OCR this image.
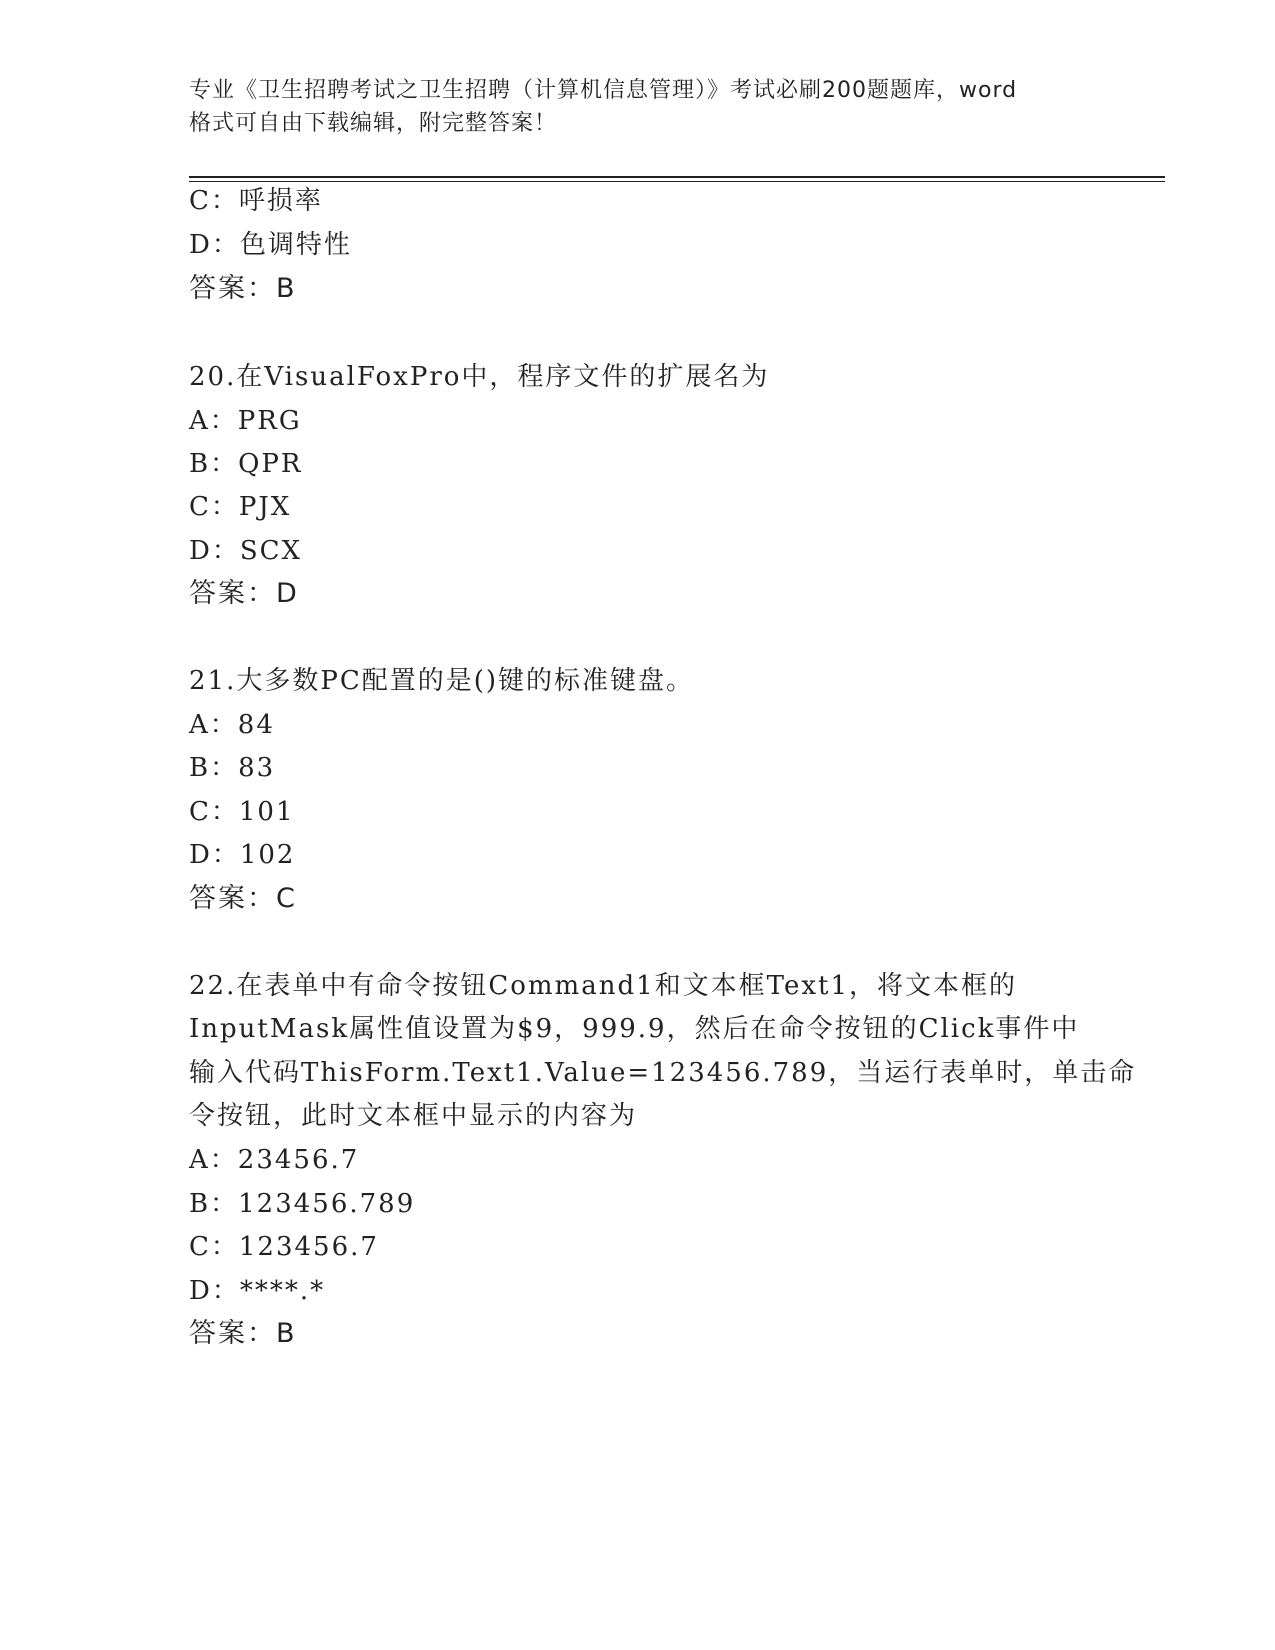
专业《卫生招聘考试之卫生招聘（计算机信息管理）》考试必刷200题题库，word
格式可自由下载编辑，附完整答案！
C：呼损率
D：色调特性
答案：B
20.在VisualFoxPro中，程序文件的扩展名为
A：PRG
B：QPR
C：PJX
D：SCX
答案：D
21.大多数PC配置的是()键的标准键盘。
A：84
B：83
C：101
D：102
答案：C
22.在表单中有命令按钮Command1和文本框Text1，将文本框的
InputMask属性值设置为$9，999.9，然后在命令按钮的Click事件中
输入代码ThisForm.Text1.Value=123456.789，当运行表单时，单击命
令按钮，此时文本框中显示的内容为
A：23456.7
B：123456.789
C：123456.7
D：****.*
答案：B
